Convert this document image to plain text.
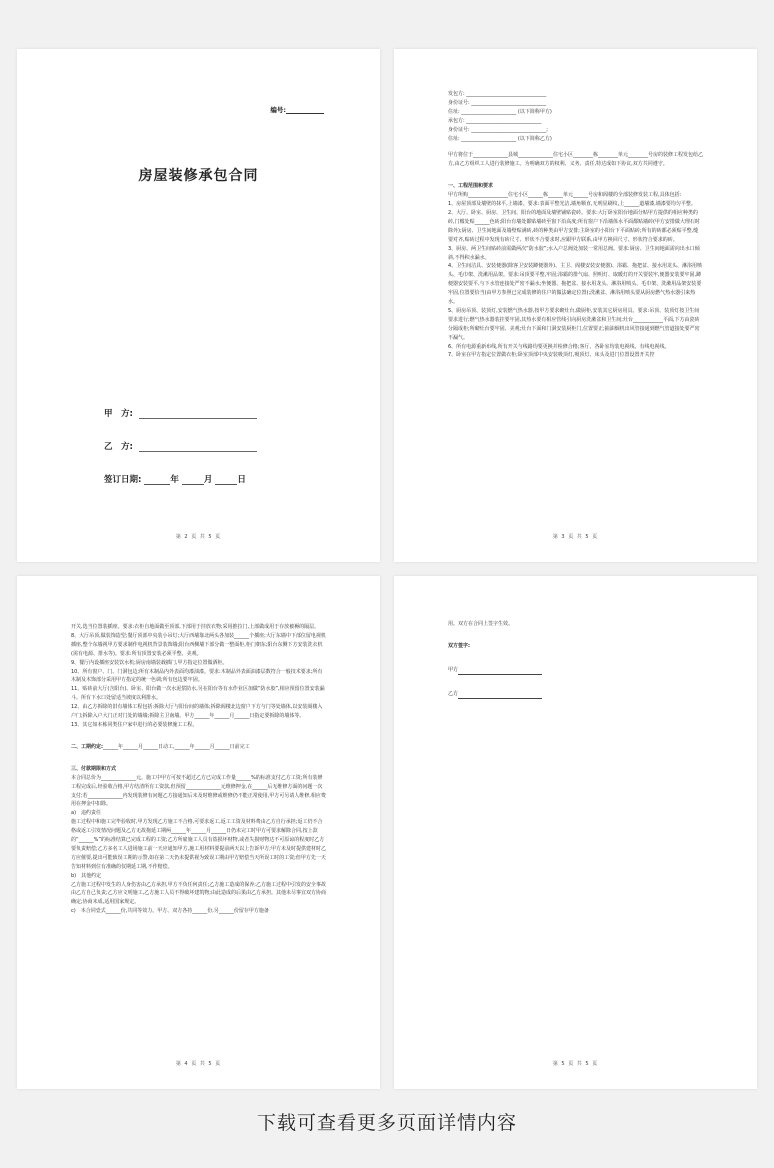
编号:
房屋装修承包合同
甲　方:
乙　方:
签订日期:	年	月	日
第 2 页 共 5 页
发包方: ________________________________
身份证号: ______________________________
住址: ______________________ (以下简称甲方)
承包方: ______________________________
身份证号: ______________________________;
住址: ______________________ (以下简称乙方)

甲方将位于______________县城______________住宅小区________栋________单元________号房的装修工程发包给乙方,由乙方组织工人进行装修施工。为明确双方的权利、义务、责任,特达成如下协议,双方共同遵守。

一、工程范围和要求

甲方所购________________住宅小区______栋______单元______号房和阁楼的全部装修发装工程,具体包括:

1、房屋顶部及墙壁的抹平,上墙漆。要求:表面平整光洁,墙角顺直,无明显刷纹,上______道墙漆,墙漆要均匀平整。

2、大厅、卧室、厨房、卫生间、阳台的地面及墙壁铺贴瓷砖。要求:大厅卧室阳台地面分贴甲方提供的相应种类的砖,门槛处贴______色砖;阳台有墙处都贴墙砖至窗下沿高度;所有窗户下沿墙体水平面都贴墙砖(甲方安排做大理石时除外);厨房、卫生间地面及墙壁贴满砖,砖的种类由甲方安排;主卧室的小阳台下平面贴砖;所有的砖都必须贴平整,缝要对齐,贴砖过程中发现有砖尺寸、形状不合要求时,应跟甲方联系,由甲方换回尺寸、形状符合要求的砖。

3、厨房、两卫生间贴砖前需做两次“防水胶”;水入户总阀处加装一常用总阀。要求:厨房、卫生间地面需向出水口倾斜,不得积水漏水。

4、卫生间洁具、安装便器(除客卫安装蹲便器外)、主卫、阁楼安装安便器)、浴霸、拖把盆、接水用龙头、淋浴用喷头、毛巾架、洗漱用品架。要求:吊顶要平整,牢固;浴霸的排气扇、照明灯、取暖灯的开关要装牢,便器安装要牢固,蹲便器安装要平,与下水管连接处严密不漏水;坐便器、拖把盆、接水用龙头、淋浴用喷头、毛巾架、洗漱用品架安装要牢固,位置要恰当(由甲方参照已完成装修的住户的做法确定位置);洗漱盆、淋浴用喷头要从厨房燃气热水器引来热水。

5、厨房吊顶、装顶灯,安装燃气热水器,按甲方要求砌灶台,做厨柜,安装其它厨房用具。要求:吊顶、装顶灯按卫生间要求进行;燃气热水器装挂要牢固,其热水要有相应管线引向厨房洗漱盆和卫生间;灶台____________平面,下方由瓷砖分隔成柜;所砌灶台要牢固、美观;灶台下面和门洞安装厨柜门,位置要正;抽油烟机出风管接通到燃气管道接处要严密不漏气。

6、所有电源重新布线,所有开关与线路均要更换并检修合格;客厅、各卧室均装电视线、有线电视线。

7、卧室在甲方指定位置做衣柜;卧室顶部中央安装吸顶灯,吸顶灯、床头及进门位置设置开关控

第 3 页 共 5 页

开关,选当位置装插座。要求:衣柜自地面做至顶部,下部用于挂放衣物;采用推拉门,上部做成用于存放被褥的隔层。

8、大厅吊顶,做装饰造型;餐厅顶部中央装小吊灯;大厅西墙靠北两头各加装______个插座;大厅东墙中下部位留电视机插座,整个东墙视甲方要求制作电视机背景装饰墙;阳台西侧墙下部分做一整面柜,柜门朝东;阳台东侧下方安装洗衣机(需有电源、排水等)。要求:所有顶置安装必须平整、美观。

9、餐厅内设插座安装饮水机;厨房南墙装载插门,甲方指定位置做酒柜。

10、所有窗户、门、门洞包边;所有木制品内外表面均漆油漆。要求:木制品外表面油漆层数符合一般技术要求;所有木制及木饰部分采用甲方指定的统一色调;所有包边要牢固。

11、贴砖前大厅(含阳台)、卧室、阳台做一次水泥浆防水,另在阳台等有水作业区加做“防水胶”,相应预留位置安装漏斗。所有下水口处留适当坡度以利排水。

12、由乙方拆除的旧有墙体工程包括:拆除大厅与阳台间的墙体;拆除阁楼北边窗户下方与门等处墙体,以安装阁楼入户门;拆除入户大门正对门处的墙墙;拆除主卫南墙。甲方______年______月______日指定要拆除的墙体等。

13、其它如本栋同类住户家中进行的必要装修施工工程。

二、工期约定:______年______月______日动工,______年______月______日前完工

三、付款期限和方式

本合同总价为______________元。施工中甲方可按不超过乙方已完成工作量______%的标准支付乙方工资;所有装修工程完成后,经验收合格,甲方结清所有工资款,但预留______________元维修押金,在______后无维修方面的问题一次支付;若______________内发现装修有问题乙方接通知后未及时维修或维修仍不能正常使用,甲方可另请人维修,相应费用在押金中扣除。

a)　违约责任

施工过程中和施工完毕验收时,甲方发现乙方施工不合格,可要求返工,返工工资及材料费由乙方自行承担;返工仍不合格或返工引发情况问题及乙方无故拖延工期两______年______月______日仍未完工时甲方可要求解除合同,按上款的“______%”的标准结算已完成工程的工资;乙方所雇施工人员有盗损坏财物,或者失损财物达不可原谅的程度时乙方要负责赔偿;乙方多名工人进场施工前一天应通知甲方,施工用材料要提前两天以上告诉甲方;甲方未及时提供建材时乙方应催要,提出可能致误工期的示警,如在第二天仍未提供视为致误工期由甲方赔偿当天所误工时的工资;但甲方先一天告知材料到位有准确的仅期延工期,不作赔偿。

b)　其他约定

乙方施工过程中发生的人身伤害由乙方承担,甲方不负任何责任;乙方施工造成的保养;乙方施工过程中引发的安全事故由乙方自己负责;乙方应文明施工,乙方施工人员不得破坏建筑物;由此造成的后果由乙方承担。其他未尽事宜双方协商确定;协商未成,适用国家规定。

c)　本合同壹式______份,共同等效力。甲方、双方各持______份,另______份留存甲方施备

第 4 页 共 5 页

用。双方在合同上签字生效。

双方签字:
甲方
乙方
第 5 页 共 5 页
下载可查看更多页面详情内容
